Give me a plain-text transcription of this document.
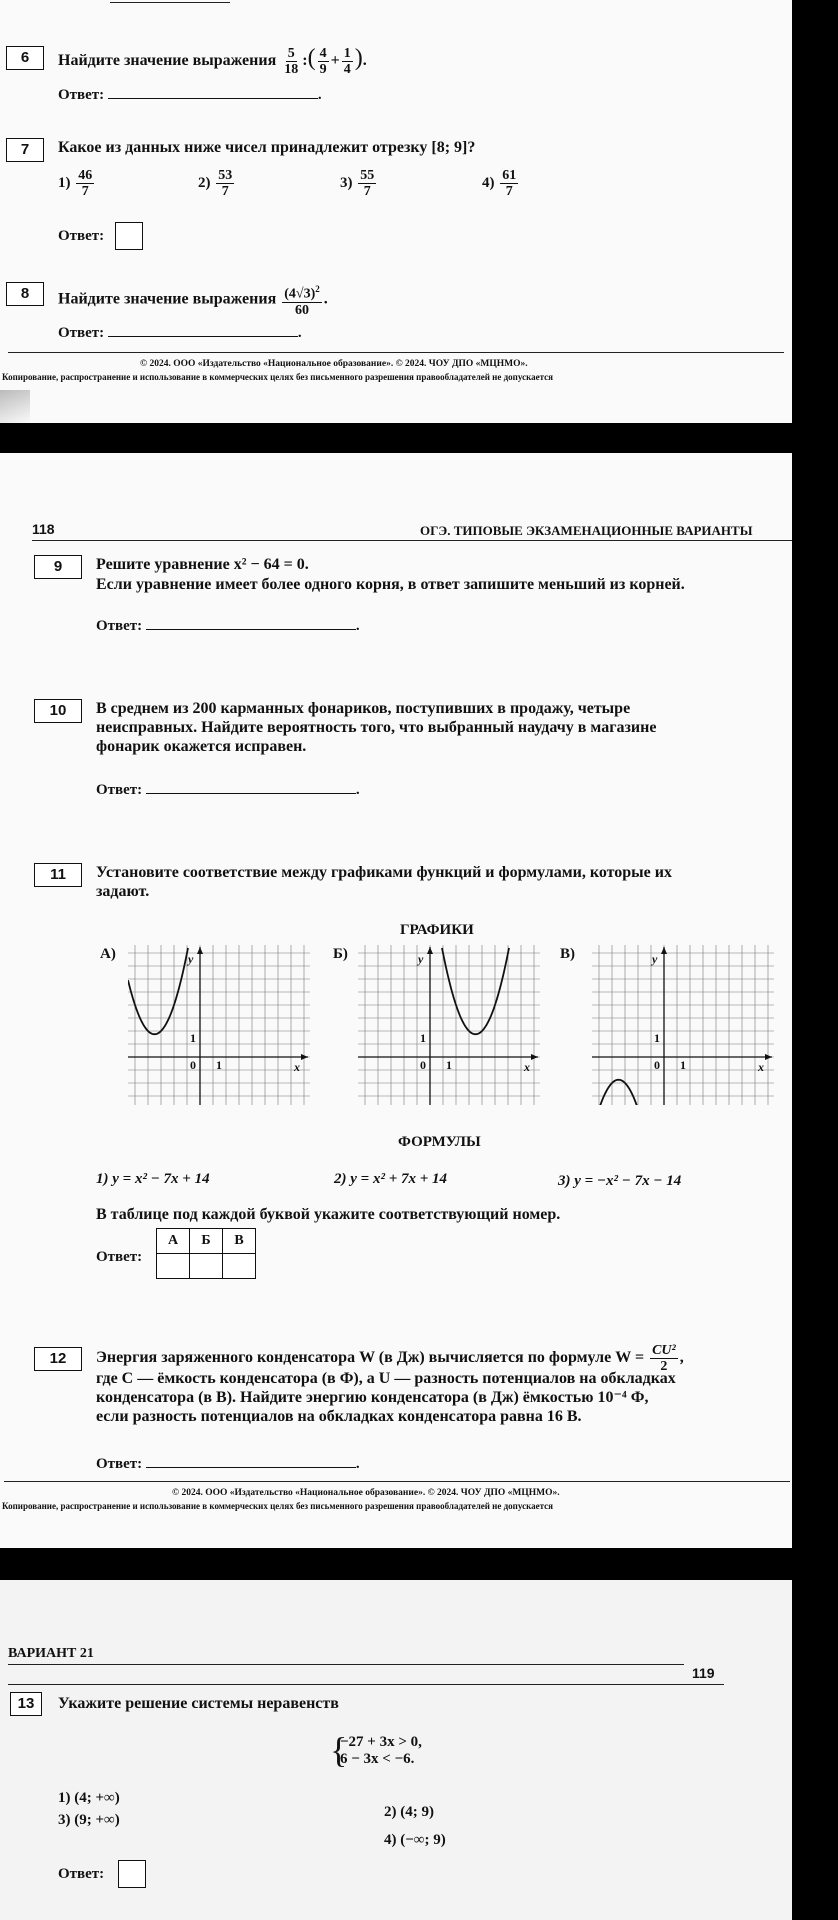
6	Найдите значение выражения $\frac{5}{18}$ :( $\frac{4}{9} + \frac{1}{4}$ ).
Ответ:	.
7	Какое из данных ниже чисел принадлежит отрезку [8; 9]?
$1) \frac{46}{7}$	$2) \frac{53}{7}$	$3) \frac{55}{7}$	$4) \frac{61}{7}$
Ответ:
8	Найдите значение выражения $\frac{(4√3)^2}{60}$ .
Ответ:	.
© 2024. ООО «Издательство «Национальное образование». © 2024. ЧОУ ДПО «МЦНМО».
Копирование, распространение и использование в коммерческих целях без письменного разрешения правообладателей не допускается
118	ОГЭ. ТИПОВЫЕ ЭКЗАМЕНАЦИОННЫЕ ВАРИАНТЫ
9	Решите уравнение x² − 64 = 0.
Если уравнение имеет более одного корня, в ответ запишите меньший из корней.
Ответ:	.
10	В среднем из 200 карманных фонариков, поступивших в продажу, четыре
неисправных. Найдите вероятность того, что выбранный наудачу в магазине
фонарик окажется исправен.
Ответ:	.
11	Установите соответствие между графиками функций и формулами, которые их
задают.
ГРАФИКИ
А)	Б)	В)
y
x
1
1
0
y
x
1
1
0
y
x
1
1
0
ФОРМУЛЫ
1) y = x² − 7x + 14	2) y = x² + 7x + 14	3) y = −x² − 7x − 14
В таблице под каждой буквой укажите соответствующий номер.
Ответ:
А	Б	В

12	Энергия заряженного конденсатора W (в Дж) вычисляется по формуле $W = \frac{\text{CU²}}{2}$ ,
где C — ёмкость конденсатора (в Ф), а U — разность потенциалов на обкладках
конденсатора (в В). Найдите энергию конденсатора (в Дж) ёмкостью 10⁻⁴ Ф,
если разность потенциалов на обкладках конденсатора равна 16 В.
Ответ:	.
© 2024. ООО «Издательство «Национальное образование». © 2024. ЧОУ ДПО «МЦНМО».
Копирование, распространение и использование в коммерческих целях без письменного разрешения правообладателей не допускается
ВАРИАНТ 21
119
13	Укажите решение системы неравенств
{
−27 + 3x > 0,
6 − 3x < −6.
1) (4; +∞)
2) (4; 9)
3) (9; +∞)
4) (−∞; 9)
Ответ:
